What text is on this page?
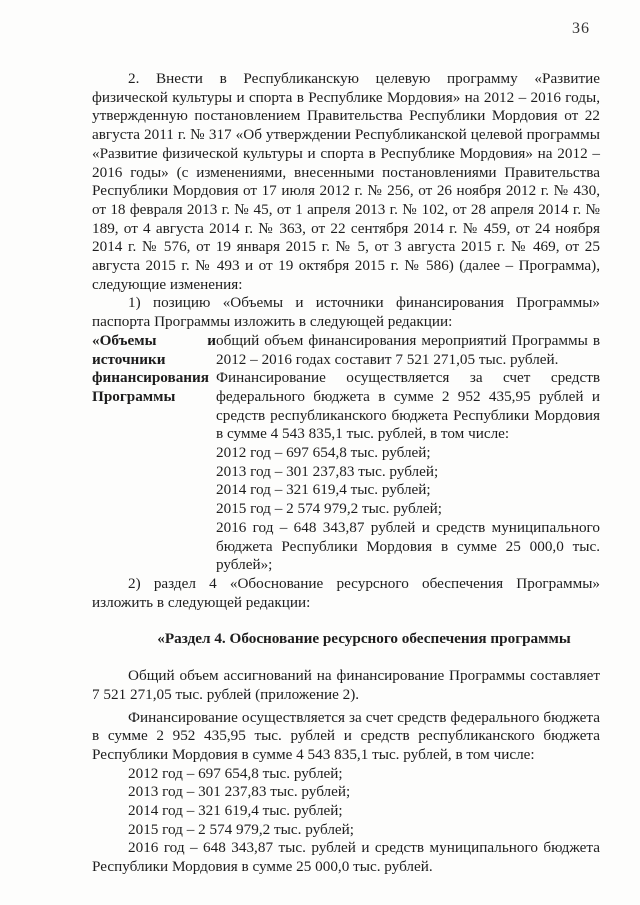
36

2. Внести в Республиканскую целевую программу «Развитие физической культуры и спорта в Республике Мордовия» на 2012 – 2016 годы, утвержденную постановлением Правительства Республики Мордовия от 22 августа 2011 г. № 317 «Об утверждении Республиканской целевой программы «Развитие физической культуры и спорта в Республике Мордовия» на 2012 – 2016 годы» (с изменениями, внесенными постановлениями Правительства Республики Мордовия от 17 июля 2012 г. № 256, от 26 ноября 2012 г. № 430, от 18 февраля 2013 г. № 45, от 1 апреля 2013 г. № 102, от 28 апреля 2014 г. № 189, от 4 августа 2014 г. № 363, от 22 сентября 2014 г. № 459, от 24 ноября 2014 г. № 576, от 19 января 2015 г. № 5, от 3 августа 2015 г. № 469, от 25 августа 2015 г. № 493 и от 19 октября 2015 г. № 586) (далее – Программа), следующие изменения:

1) позицию «Объемы и источники финансирования Программы» паспорта Программы изложить в следующей редакции:

«Объемы	и
источники финансирования Программы

общий объем финансирования мероприятий Программы в 2012 – 2016 годах составит 7 521 271,05 тыс. рублей.

Финансирование осуществляется за счет средств федерального бюджета в сумме 2 952 435,95 рублей и средств республиканского бюджета Республики Мордовия в сумме 4 543 835,1 тыс. рублей, в том числе:

2012 год – 697 654,8 тыс. рублей;

2013 год – 301 237,83 тыс. рублей;

2014 год – 321 619,4 тыс. рублей;

2015 год – 2 574 979,2 тыс. рублей;

2016 год – 648 343,87 рублей и средств муниципального бюджета Республики Мордовия в сумме 25 000,0 тыс. рублей»;

2) раздел 4 «Обоснование ресурсного обеспечения Программы» изложить в следующей редакции:

«Раздел 4. Обоснование ресурсного обеспечения программы

Общий объем ассигнований на финансирование Программы составляет 7 521 271,05 тыс. рублей (приложение 2).

Финансирование осуществляется за счет средств федерального бюджета в сумме 2 952 435,95 тыс. рублей и средств республиканского бюджета Республики Мордовия в сумме 4 543 835,1 тыс. рублей, в том числе:

2012 год – 697 654,8 тыс. рублей;

2013 год – 301 237,83 тыс. рублей;

2014 год – 321 619,4 тыс. рублей;

2015 год – 2 574 979,2 тыс. рублей;

2016 год – 648 343,87 тыс. рублей и средств муниципального бюджета Республики Мордовия в сумме 25 000,0 тыс. рублей.
